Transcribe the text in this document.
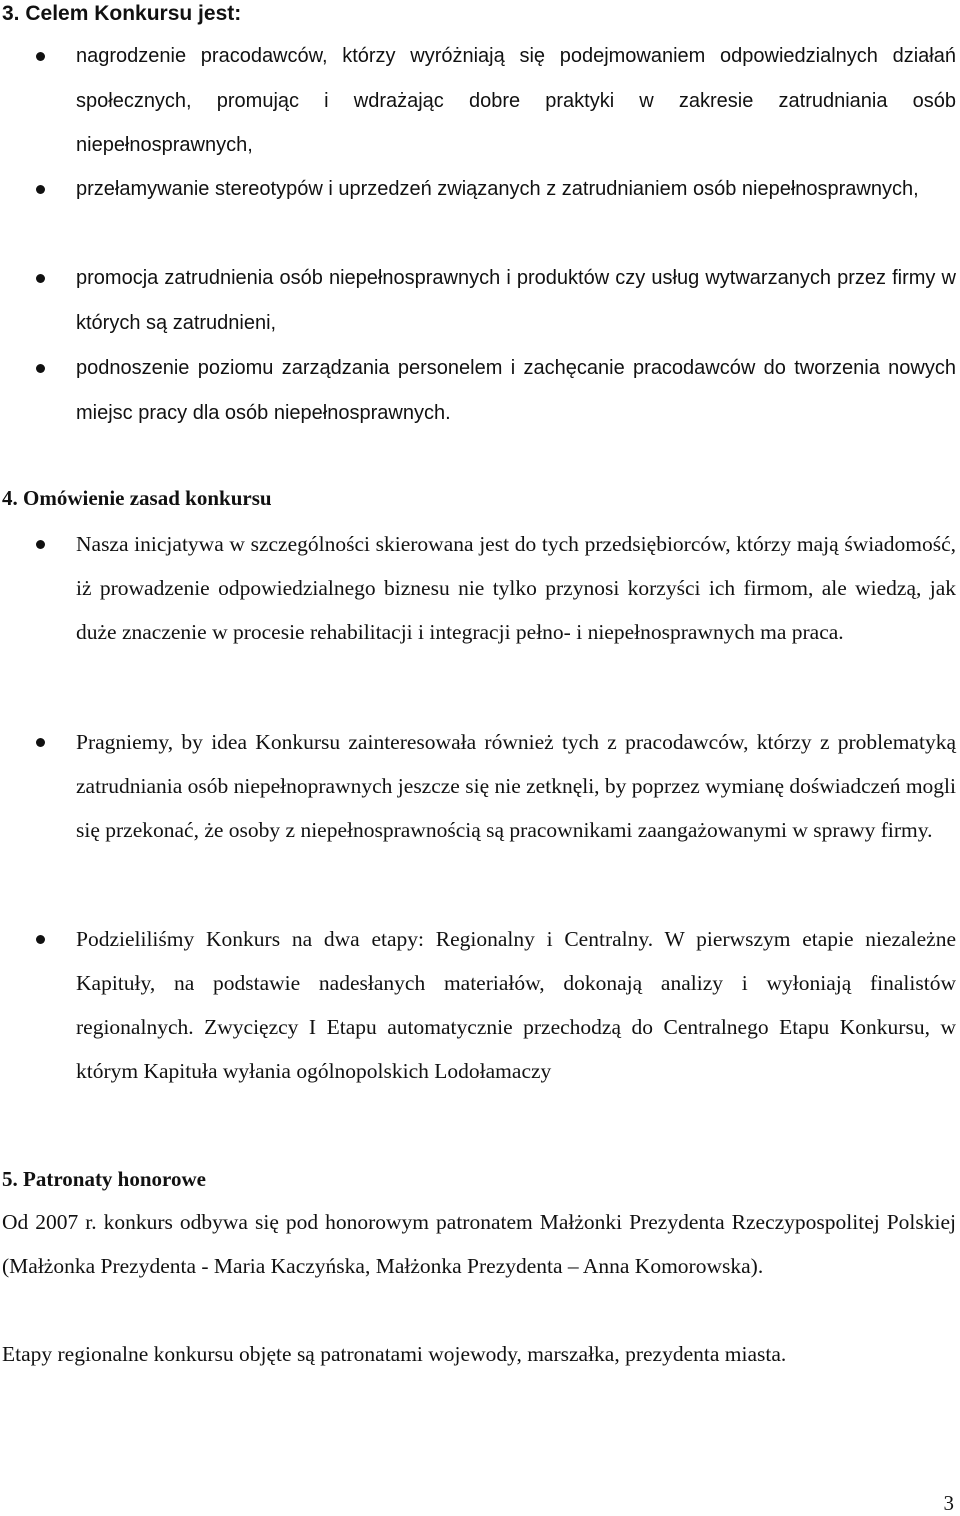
3. Celem Konkursu jest:

nagrodzenie pracodawców, którzy wyróżniają się podejmowaniem odpowiedzialnych działań społecznych, promując i wdrażając dobre praktyki w zakresie zatrudniania osób niepełnosprawnych,

przełamywanie stereotypów i uprzedzeń związanych z zatrudnianiem osób niepełnosprawnych,

promocja zatrudnienia osób niepełnosprawnych i produktów czy usług wytwarzanych przez firmy w których są zatrudnieni,

podnoszenie poziomu zarządzania personelem i zachęcanie pracodawców do tworzenia nowych miejsc pracy dla osób niepełnosprawnych.

4. Omówienie zasad konkursu

Nasza inicjatywa w szczególności skierowana jest do tych przedsiębiorców, którzy mają świadomość, iż prowadzenie odpowiedzialnego biznesu nie tylko przynosi korzyści ich firmom, ale wiedzą, jak duże znaczenie w procesie rehabilitacji i integracji pełno- i niepełnosprawnych ma praca.

Pragniemy, by idea Konkursu zainteresowała również tych z pracodawców, którzy z problematyką zatrudniania osób niepełnoprawnych jeszcze się nie zetknęli, by poprzez wymianę doświadczeń mogli się przekonać, że osoby z niepełnosprawnością są pracownikami zaangażowanymi w sprawy firmy.

Podzieliliśmy Konkurs na dwa etapy: Regionalny i Centralny. W pierwszym etapie niezależne Kapituły, na podstawie nadesłanych materiałów, dokonają analizy i wyłoniają finalistów regionalnych. Zwycięzcy I Etapu automatycznie przechodzą do Centralnego Etapu Konkursu, w którym Kapituła wyłania ogólnopolskich Lodołamaczy

5. Patronaty honorowe

Od 2007 r. konkurs odbywa się pod honorowym patronatem Małżonki Prezydenta Rzeczypospolitej Polskiej (Małżonka Prezydenta - Maria Kaczyńska, Małżonka Prezydenta – Anna Komorowska).

Etapy regionalne konkursu objęte są patronatami wojewody, marszałka, prezydenta miasta.

3
